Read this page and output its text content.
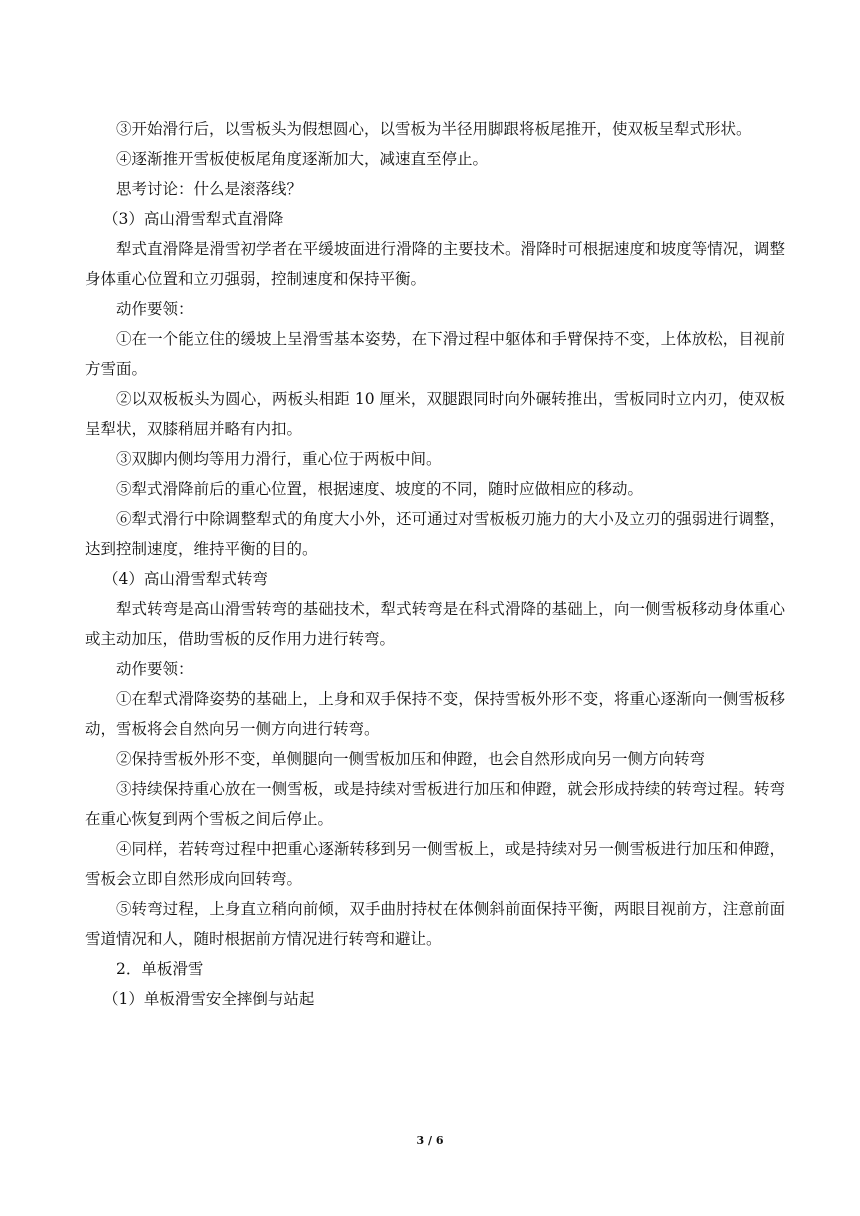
③开始滑行后，以雪板头为假想圆心，以雪板为半径用脚跟将板尾推开，使双板呈犁式形状。

④逐渐推开雪板使板尾角度逐渐加大，减速直至停止。

思考讨论：什么是滚落线？

（3）高山滑雪犁式直滑降

犁式直滑降是滑雪初学者在平缓坡面进行滑降的主要技术。滑降时可根据速度和坡度等情况，调整身体重心位置和立刃强弱，控制速度和保持平衡。

动作要领：

①在一个能立住的缓坡上呈滑雪基本姿势，在下滑过程中躯体和手臂保持不变，上体放松，目视前方雪面。

②以双板板头为圆心，两板头相距 10 厘米，双腿跟同时向外碾转推出，雪板同时立内刃，使双板呈犁状，双膝稍屈并略有内扣。

③双脚内侧均等用力滑行，重心位于两板中间。

⑤犁式滑降前后的重心位置，根据速度、坡度的不同，随时应做相应的移动。

⑥犁式滑行中除调整犁式的角度大小外，还可通过对雪板板刃施力的大小及立刃的强弱进行调整，达到控制速度，维持平衡的目的。

（4）高山滑雪犁式转弯

犁式转弯是高山滑雪转弯的基础技术，犁式转弯是在科式滑降的基础上，向一侧雪板移动身体重心或主动加压，借助雪板的反作用力进行转弯。

动作要领：

①在犁式滑降姿势的基础上，上身和双手保持不变，保持雪板外形不变，将重心逐渐向一侧雪板移动，雪板将会自然向另一侧方向进行转弯。

②保持雪板外形不变，单侧腿向一侧雪板加压和伸蹬，也会自然形成向另一侧方向转弯

③持续保持重心放在一侧雪板，或是持续对雪板进行加压和伸蹬，就会形成持续的转弯过程。转弯在重心恢复到两个雪板之间后停止。

④同样，若转弯过程中把重心逐渐转移到另一侧雪板上，或是持续对另一侧雪板进行加压和伸蹬，雪板会立即自然形成向回转弯。

⑤转弯过程，上身直立稍向前倾，双手曲肘持杖在体侧斜前面保持平衡，两眼目视前方，注意前面雪道情况和人，随时根据前方情况进行转弯和避让。

2．单板滑雪

（1）单板滑雪安全摔倒与站起

3 / 6
